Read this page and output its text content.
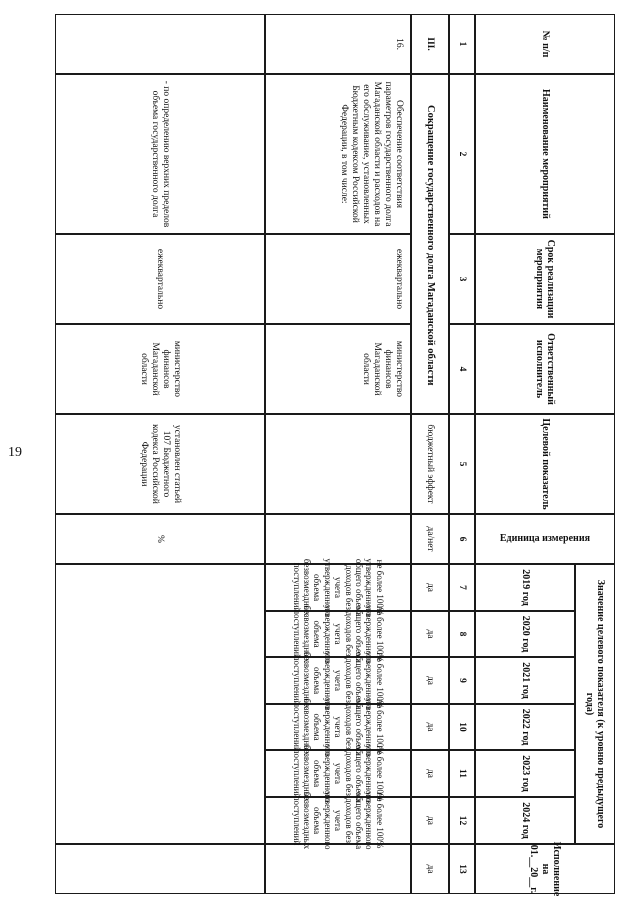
19
№ п/п
Наименование мероприятий
Срок реализации мероприятия
Ответственный исполнитель
Целевой показатель
Единица измерения
Значение целевого показателя (к уровню предыдущего года)
2019 год
2020 год
2021 год
2022 год
2023 год
2024 год
Исполнение на 01.__20__г.
1
2
3
4
5
6
7
8
9
10
11
12
13
III.
Сокращение государственного долга Магаданской области
бюджетный эффект
да/нет
да
да
да
да
да
да
да
16.
Обеспечение соответствия параметров государственного долга Магаданской области и расходов на его обслуживание, установленных Бюджетным кодексом Российской Федерации, в том числе:
ежеквартально
министерство финансов Магаданской области
- по определению верхних пределов объема государственного долга
ежеквартально
министерство финансов Магаданской области
установлен статьей 107 Бюджетного кодекса Российской Федерации
%
не более 100% утвержденного общего объема доходов без учета утвержденного объема безвозмездных поступлений
не более 100% утвержденного общего объема доходов без учета утвержденного объема безвозмездных поступлений
не более 100% утвержденного общего объема доходов без учета утвержденного объема безвозмездных поступлений
не более 100% утвержденного общего объема доходов без учета утвержденного объема безвозмездных поступлений
не более 100% утвержденного общего объема доходов без учета утвержденного объема безвозмездных поступлений
не более 100% утвержденного общего объема доходов без учета утвержденного объема безвозмездных поступлений
